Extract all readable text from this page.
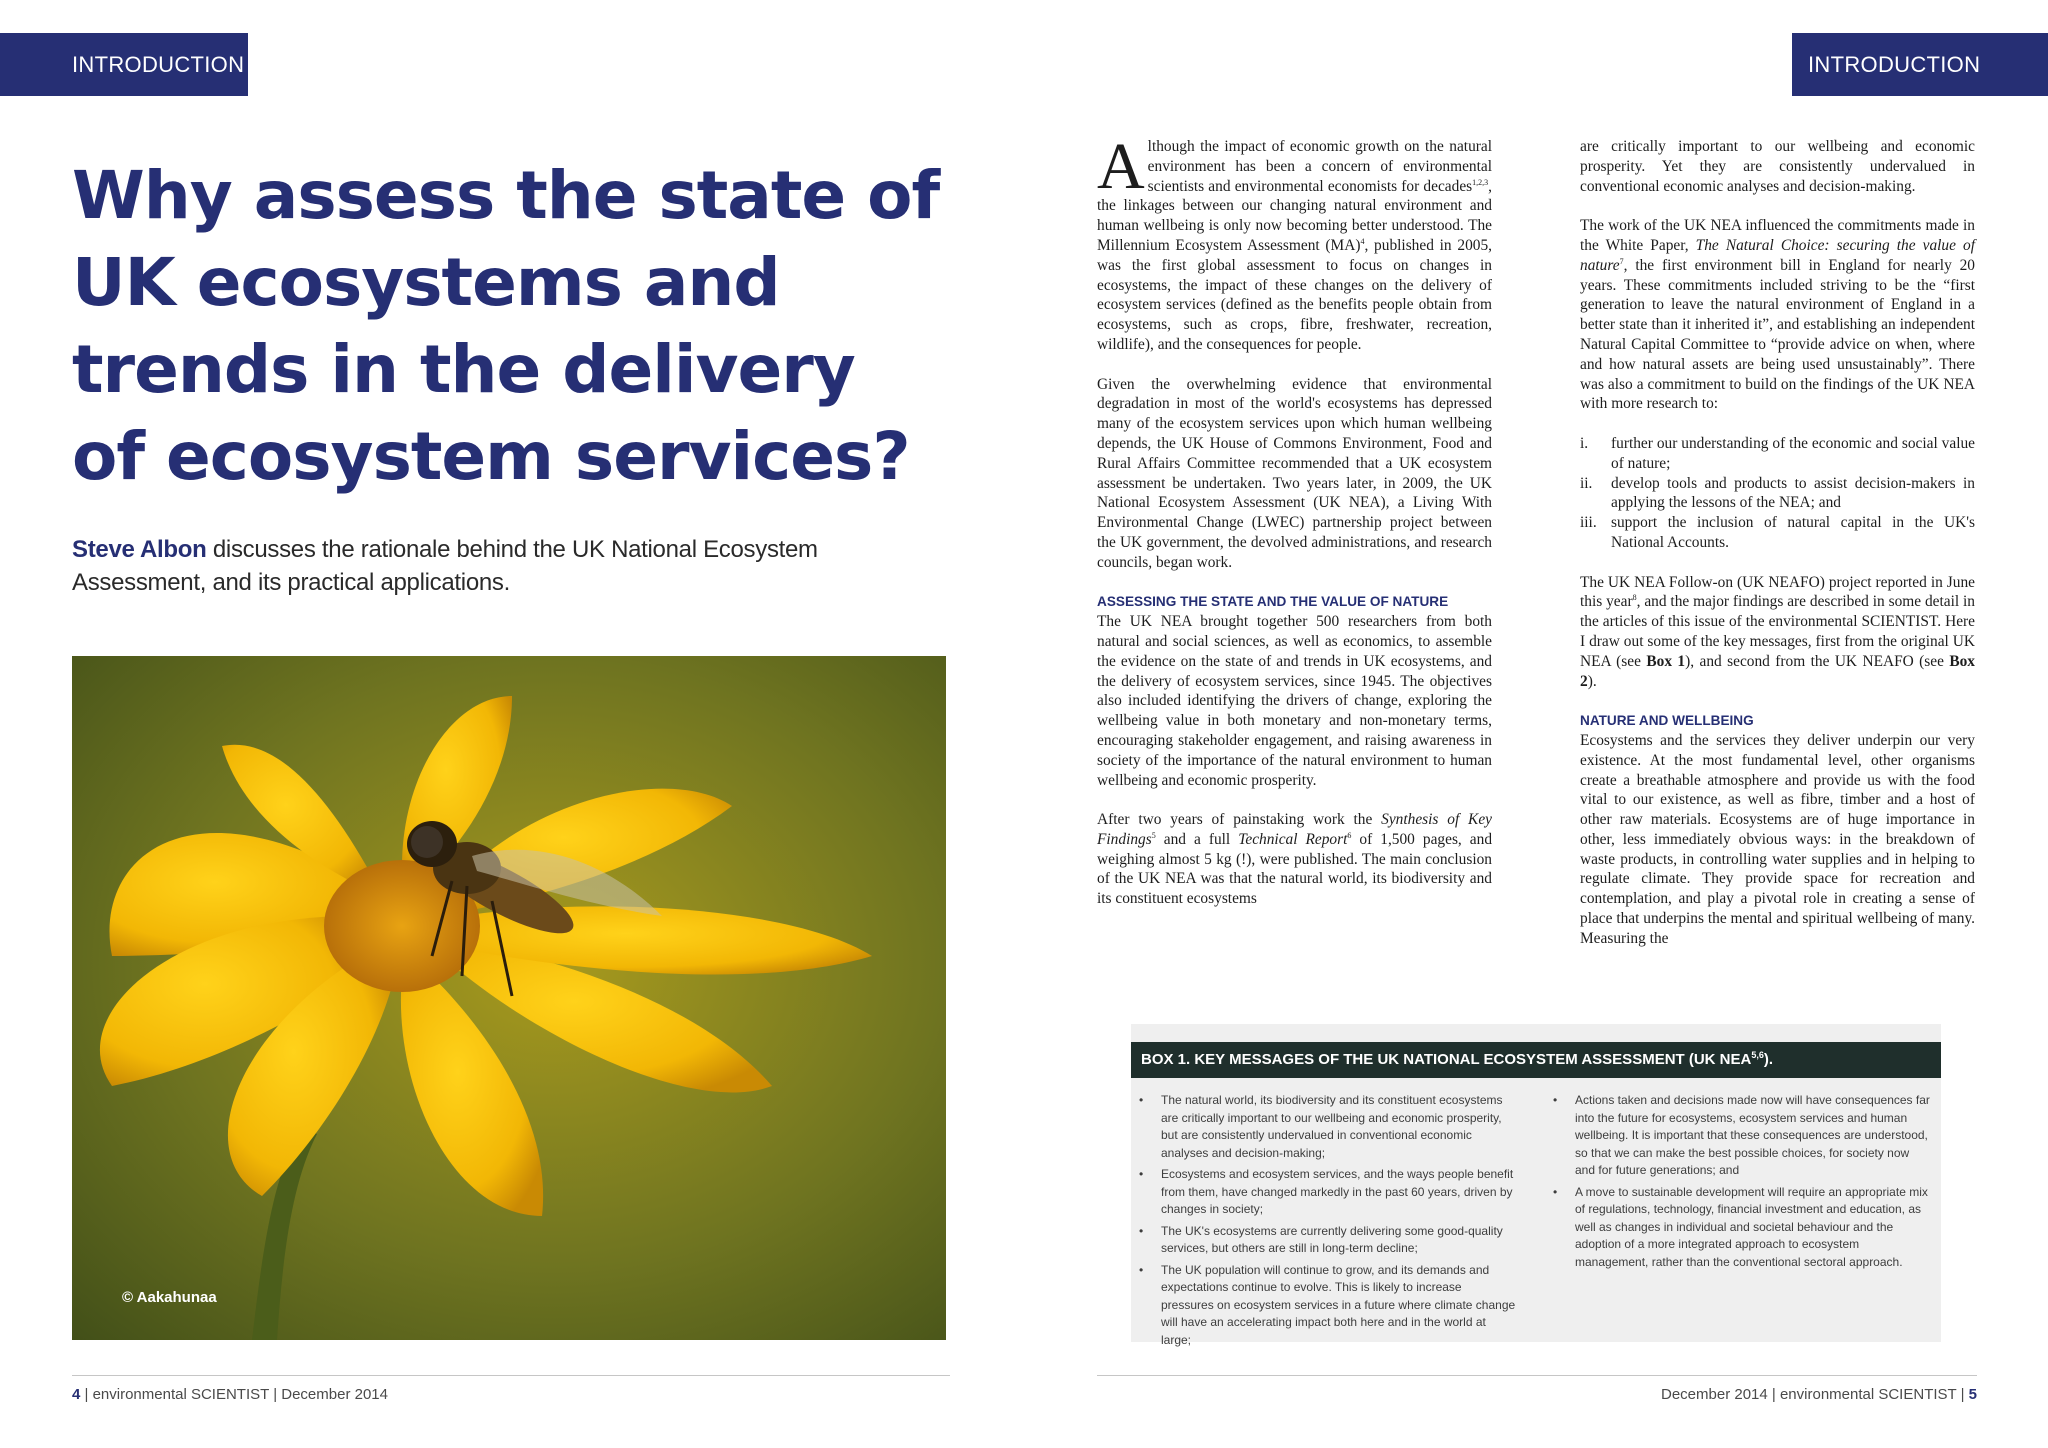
INTRODUCTION	INTRODUCTION
Why assess the state of UK ecosystems and trends in the delivery of ecosystem services?

Steve Albon discusses the rationale behind the UK National Ecosystem Assessment, and its practical applications.

© Aakahunaa

Although the impact of economic growth on the natural environment has been a concern of environmental scientists and environmental economists for decades$^{1,2,3}$, the linkages between our changing natural environment and human wellbeing is only now becoming better understood. The Millennium Ecosystem Assessment (MA)$^4$, published in 2005, was the first global assessment to focus on changes in ecosystems, the impact of these changes on the delivery of ecosystem services (defined as the benefits people obtain from ecosystems, such as crops, fibre, freshwater, recreation, wildlife), and the consequences for people.

Given the overwhelming evidence that environmental degradation in most of the world's ecosystems has depressed many of the ecosystem services upon which human wellbeing depends, the UK House of Commons Environment, Food and Rural Affairs Committee recommended that a UK ecosystem assessment be undertaken. Two years later, in 2009, the UK National Ecosystem Assessment (UK NEA), a Living With Environmental Change (LWEC) partnership project between the UK government, the devolved administrations, and research councils, began work.

ASSESSING THE STATE AND THE VALUE OF NATURE

The UK NEA brought together 500 researchers from both natural and social sciences, as well as economics, to assemble the evidence on the state of and trends in UK ecosystems, and the delivery of ecosystem services, since 1945. The objectives also included identifying the drivers of change, exploring the wellbeing value in both monetary and non-monetary terms, encouraging stakeholder engagement, and raising awareness in society of the importance of the natural environment to human wellbeing and economic prosperity.

After two years of painstaking work the Synthesis of Key Findings$^5$ and a full Technical Report$^6$ of 1,500 pages, and weighing almost 5 kg (!), were published. The main conclusion of the UK NEA was that the natural world, its biodiversity and its constituent ecosystems

are critically important to our wellbeing and economic prosperity. Yet they are consistently undervalued in conventional economic analyses and decision-making.

The work of the UK NEA influenced the commitments made in the White Paper, The Natural Choice: securing the value of nature$^7$, the first environment bill in England for nearly 20 years. These commitments included striving to be the “first generation to leave the natural environment of England in a better state than it inherited it”, and establishing an independent Natural Capital Committee to “provide advice on when, where and how natural assets are being used unsustainably”. There was also a commitment to build on the findings of the UK NEA with more research to:

i.	further our understanding of the economic and social value of nature;
ii.	develop tools and products to assist decision-makers in applying the lessons of the NEA; and
iii. support the inclusion of natural capital in the UK's National Accounts.

The UK NEA Follow-on (UK NEAFO) project reported in June this year$^8$, and the major findings are described in some detail in the articles of this issue of the environmental SCIENTIST. Here I draw out some of the key messages, first from the original UK NEA (see Box 1), and second from the UK NEAFO (see Box 2).

NATURE AND WELLBEING

Ecosystems and the services they deliver underpin our very existence. At the most fundamental level, other organisms create a breathable atmosphere and provide us with the food vital to our existence, as well as fibre, timber and a host of other raw materials. Ecosystems are of huge importance in other, less immediately obvious ways: in the breakdown of waste products, in controlling water supplies and in helping to regulate climate. They provide space for recreation and contemplation, and play a pivotal role in creating a sense of place that underpins the mental and spiritual wellbeing of many. Measuring the

BOX 1. KEY MESSAGES OF THE UK NATIONAL ECOSYSTEM ASSESSMENT (UK NEA$^{5,6}$).
• The natural world, its biodiversity and its constituent ecosystems are critically important to our wellbeing and economic prosperity, but are consistently undervalued in conventional economic analyses and decision-making;
• Ecosystems and ecosystem services, and the ways people benefit from them, have changed markedly in the past 60 years, driven by changes in society;
• The UK's ecosystems are currently delivering some good-quality services, but others are still in long-term decline;
• The UK population will continue to grow, and its demands and expectations continue to evolve. This is likely to increase pressures on ecosystem services in a future where climate change will have an accelerating impact both here and in the world at large;
• Actions taken and decisions made now will have consequences far into the future for ecosystems, ecosystem services and human wellbeing. It is important that these consequences are understood, so that we can make the best possible choices, for society now and for future generations; and
• A move to sustainable development will require an appropriate mix of regulations, technology, financial investment and education, as well as changes in individual and societal behaviour and the adoption of a more integrated approach to ecosystem management, rather than the conventional sectoral approach.
4 | environmental SCIENTIST | December 2014	December 2014 | environmental SCIENTIST | 5
